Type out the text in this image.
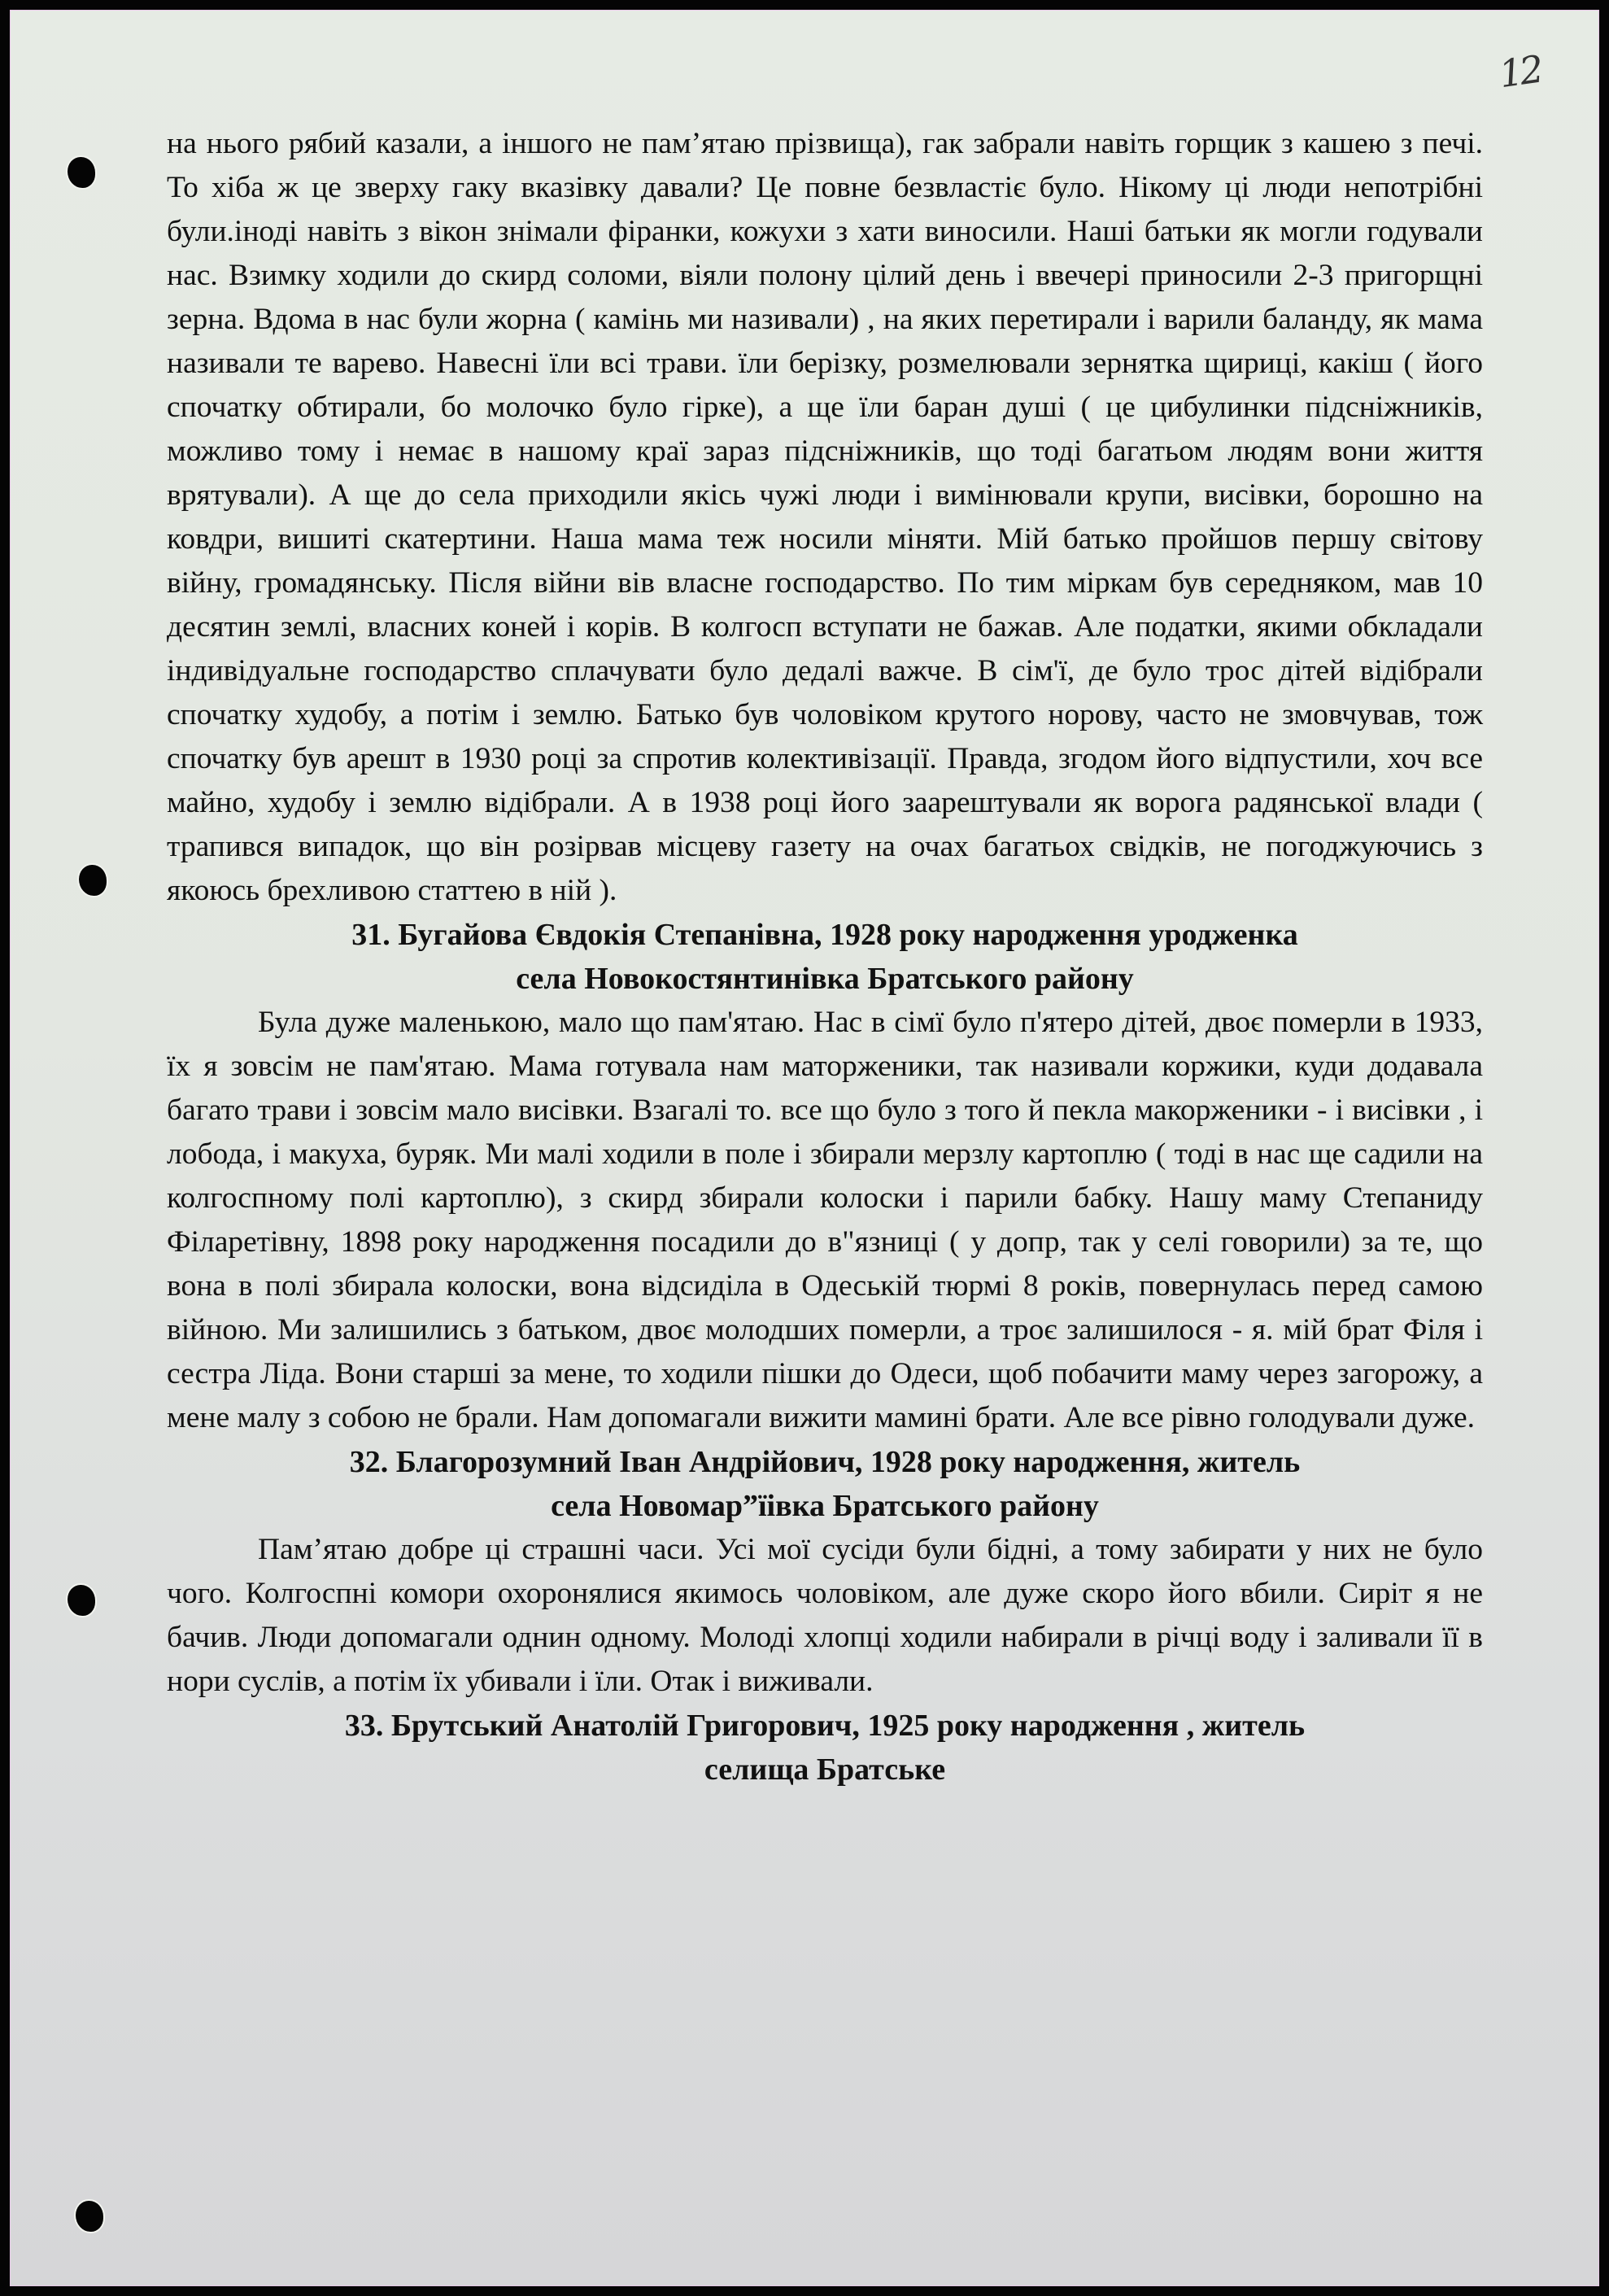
12

на нього рябий казали, а іншого не пам’ятаю прізвища), гак забрали навіть горщик з кашею з печі. То хіба ж це зверху гаку вказівку давали? Це повне безвластіє було. Нікому ці люди непотрібні були.іноді навіть з вікон знімали фіранки, кожухи з хати виносили. Наші батьки як могли годували нас. Взимку ходили до скирд соломи, віяли полону цілий день і ввечері приносили 2-3 пригорщні зерна. Вдома в нас були жорна ( камінь ми називали) , на яких перетирали і варили баланду, як мама називали те варево. Навесні їли всі трави. їли берізку, розмелювали зернятка щириці, какіш ( його спочатку обтирали, бо молочко було гірке), а ще їли баран душі ( це цибулинки підсніжників, можливо тому і немає в нашому краї зараз підсніжників, що тоді багатьом людям вони життя врятували). А ще до села приходили якісь чужі люди і вимінювали крупи, висівки, борошно на ковдри, вишиті скатертини. Наша мама теж носили міняти. Мій батько пройшов першу світову війну, громадянську. Після війни вів власне господарство. По тим міркам був середняком, мав 10 десятин землі, власних коней і корів. В колгосп вступати не бажав. Але податки, якими обкладали індивідуальне господарство сплачувати було дедалі важче. В сім'ї, де було трос дітей відібрали спочатку худобу, а потім і землю. Батько був чоловіком крутого норову, часто не змовчував, тож спочатку був арешт в 1930 році за спротив колективізації. Правда, згодом його відпустили, хоч все майно, худобу і землю відібрали. А в 1938 році його заарештували як ворога радянської влади ( трапився випадок, що він розірвав місцеву газету на очах багатьох свідків, не погоджуючись з якоюсь брехливою статтею в ній ).

31. Бугайова Євдокія Степанівна, 1928 року народження уродженка
села Новокостянтинівка Братського району

Була дуже маленькою, мало що пам'ятаю. Нас в сімї було п'ятеро дітей, двоє померли в 1933, їх я зовсім не пам'ятаю. Мама готувала нам маторженики, так називали коржики, куди додавала багато трави і зовсім мало висівки. Взагалі то. все що було з того й пекла макорженики - і висівки , і лобода, і макуха, буряк. Ми малі ходили в поле і збирали мерзлу картоплю ( тоді в нас ще садили на колгоспному полі картоплю), з скирд збирали колоски і парили бабку. Нашу маму Степаниду Філаретівну, 1898 року народження посадили до в"язниці ( у допр, так у селі говорили) за те, що вона в полі збирала колоски, вона відсиділа в Одеській тюрмі 8 років, повернулась перед самою війною. Ми залишились з батьком, двоє молодших померли, а троє залишилося - я. мій брат Філя і сестра Ліда. Вони старші за мене, то ходили пішки до Одеси, щоб побачити маму через загорожу, а мене малу з собою не брали. Нам допомагали вижити мамині брати. Але все рівно голодували дуже.

32. Благорозумний Іван Андрійович, 1928 року народження, житель
села Новомар”їівка Братського району

Пам’ятаю добре ці страшні часи. Усі мої сусіди були бідні, а тому забирати у них не було чого. Колгоспні комори охоронялися якимось чоловіком, але дуже скоро його вбили. Сиріт я не бачив. Люди допомагали однин одному. Молоді хлопці ходили набирали в річці воду і заливали її в нори суслів, а потім їх убивали і їли. Отак і виживали.

33. Брутський Анатолій Григорович, 1925 року народження , житель
селища Братське
